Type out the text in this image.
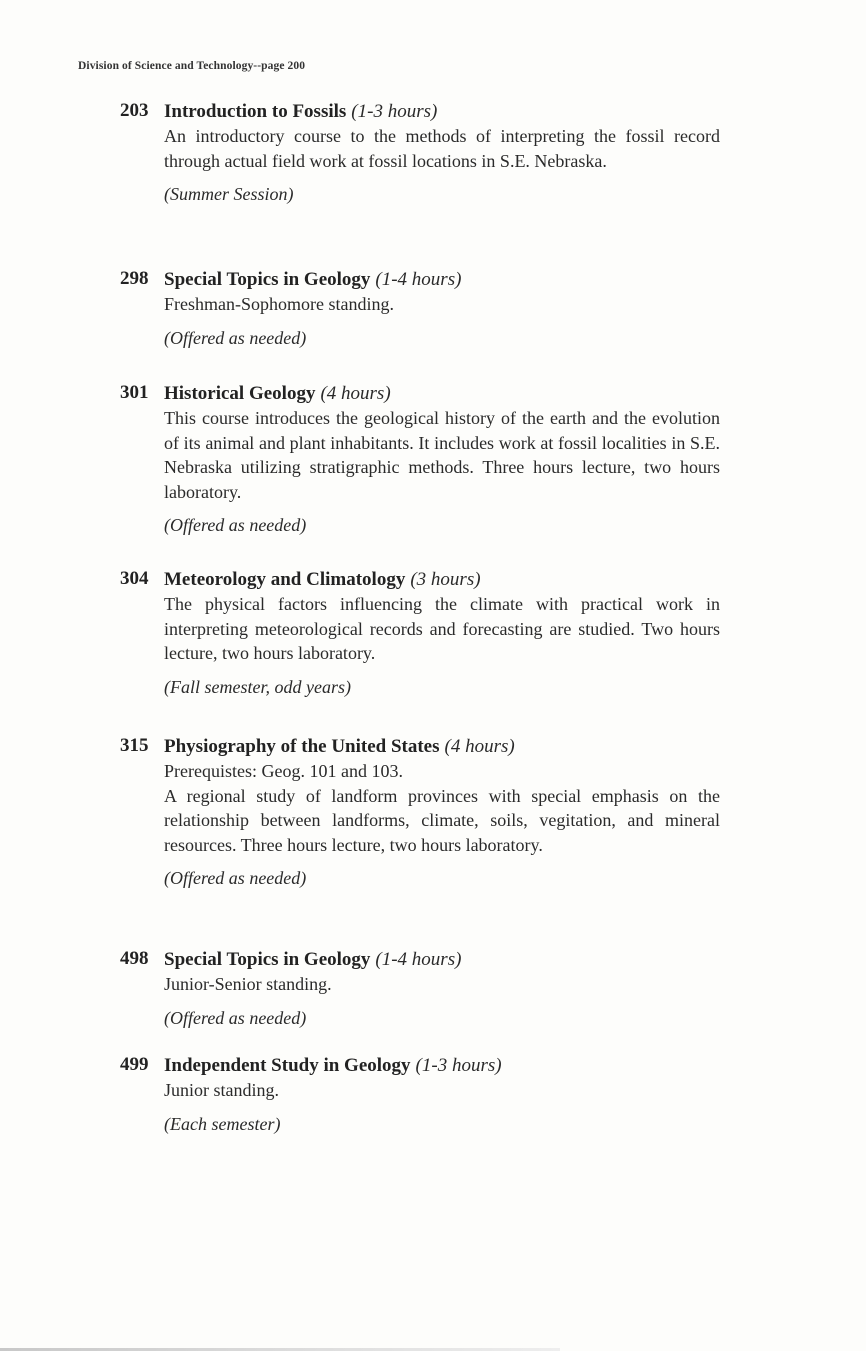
Division of Science and Technology--page 200
203 Introduction to Fossils (1-3 hours)

An introductory course to the methods of interpreting the fossil record through actual field work at fossil locations in S.E. Nebraska.

(Summer Session)

298 Special Topics in Geology (1-4 hours)

Freshman-Sophomore standing.

(Offered as needed)

301 Historical Geology (4 hours)

This course introduces the geological history of the earth and the evolution of its animal and plant inhabitants. It includes work at fossil localities in S.E. Nebraska utilizing stratigraphic methods. Three hours lecture, two hours laboratory.

(Offered as needed)

304 Meteorology and Climatology (3 hours)

The physical factors influencing the climate with practical work in interpreting meteorological records and forecasting are studied. Two hours lecture, two hours laboratory.

(Fall semester, odd years)

315 Physiography of the United States (4 hours)

Prerequistes: Geog. 101 and 103.

A regional study of landform provinces with special emphasis on the relationship between landforms, climate, soils, vegitation, and mineral resources. Three hours lecture, two hours laboratory.

(Offered as needed)

498 Special Topics in Geology (1-4 hours)

Junior-Senior standing.

(Offered as needed)

499 Independent Study in Geology (1-3 hours)

Junior standing.

(Each semester)
